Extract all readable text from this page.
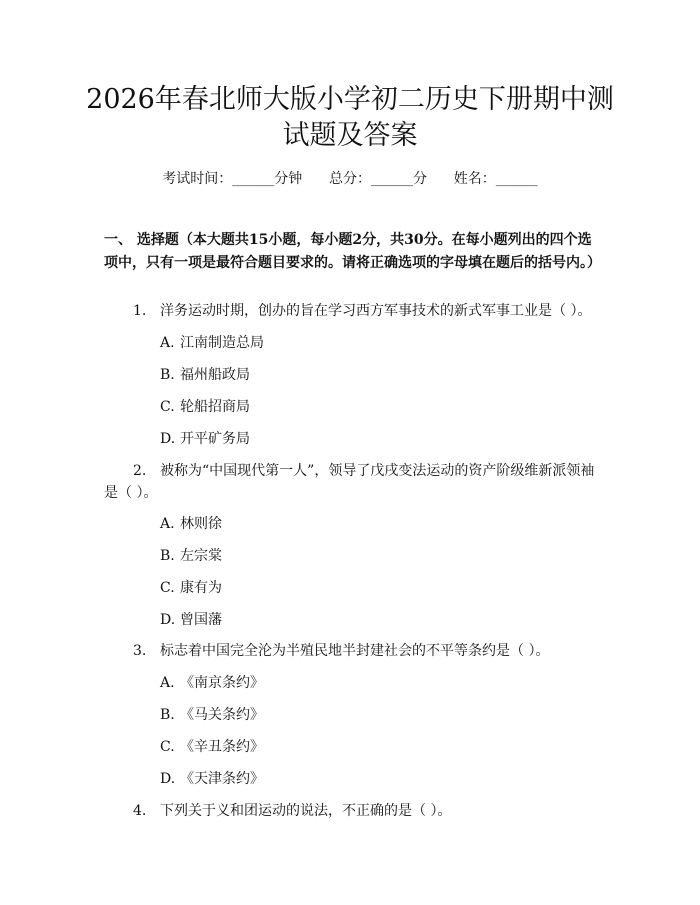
2026年春北师大版小学初二历史下册期中测
试题及答案
考试时间：______分钟      总分：______分      姓名：______
一、 选择题（本大题共15小题，每小题2分，共30分。在每小题列出的四个选项中，只有一项是最符合题目要求的。请将正确选项的字母填在题后的括号内。）
1. 洋务运动时期，创办的旨在学习西方军事技术的新式军事工业是（ ）。
A. 江南制造总局
B. 福州船政局
C. 轮船招商局
D. 开平矿务局
2. 被称为“中国现代第一人”，领导了戊戌变法运动的资产阶级维新派领袖
是（ ）。
A. 林则徐
B. 左宗棠
C. 康有为
D. 曾国藩
3. 标志着中国完全沦为半殖民地半封建社会的不平等条约是（ ）。
A. 《南京条约》
B. 《马关条约》
C. 《辛丑条约》
D. 《天津条约》
4. 下列关于义和团运动的说法，不正确的是（ ）。
